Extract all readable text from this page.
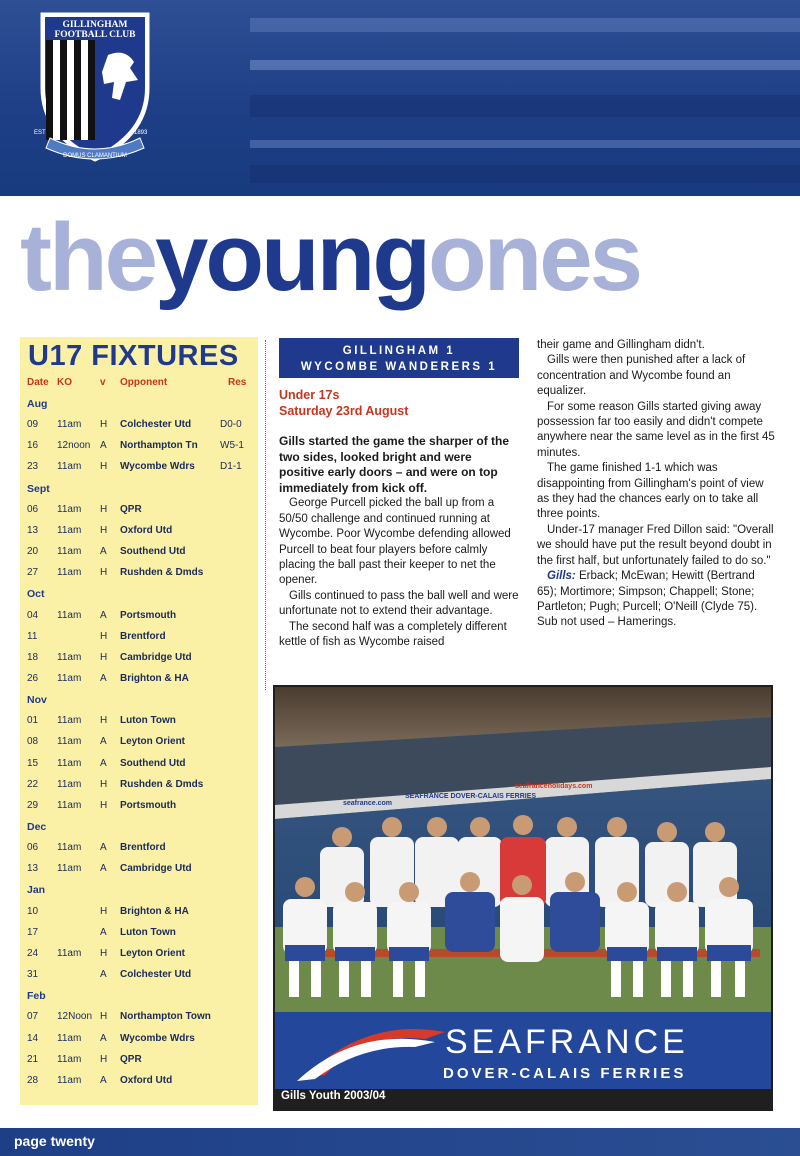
GILLINGHAM
FOOTBALL CLUB
EST	1893
DOMUS CLAMANTIUM
theyoungones
U17 FIXTURES
Date KO	v Opponent	Res
Aug
09 11am H Colchester Utd	D0-0
16 12noon A Northampton Tn W5-1
23 11am H Wycombe Wdrs	D1-1
Sept
06 11am H QPR
13 11am H Oxford Utd
20 11am A Southend Utd
27 11am H Rushden & Dmds
Oct
04 11am A Portsmouth
11	H Brentford
18 11am H Cambridge Utd
26 11am A Brighton & HA
Nov
01 11am H Luton Town
08 11am A Leyton Orient
15 11am A Southend Utd
22 11am H Rushden & Dmds
29 11am H Portsmouth
Dec
06 11am A Brentford
13 11am A Cambridge Utd
Jan
10	H Brighton & HA
17	A Luton Town
24 11am H Leyton Orient
31	A Colchester Utd
Feb
07 12Noon H Northampton Town
14 11am A Wycombe Wdrs
21 11am H QPR
28 11am A Oxford Utd
GILLINGHAM 1
WYCOMBE WANDERERS 1
Under 17s
Saturday 23rd August

Gills started the game the sharper of the two sides, looked bright and were positive early doors – and were on top immediately from kick off.

George Purcell picked the ball up from a 50/50 challenge and continued running at Wycombe. Poor Wycombe defending allowed Purcell to beat four players before calmly placing the ball past their keeper to net the opener.

Gills continued to pass the ball well and were unfortunate not to extend their advantage.

The second half was a completely different kettle of fish as Wycombe raised

their game and Gillingham didn't.

Gills were then punished after a lack of concentration and Wycombe found an equalizer.

For some reason Gills started giving away possession far too easily and didn't compete anywhere near the same level as in the first 45 minutes.

The game finished 1-1 which was disappointing from Gillingham's point of view as they had the chances early on to take all three points.

Under-17 manager Fred Dillon said: "Overall we should have put the result beyond doubt in the first half, but unfortunately failed to do so."

Gills: Erback; McEwan; Hewitt (Bertrand 65); Mortimore; Simpson; Chappell; Stone; Partleton; Pugh; Purcell; O'Neill (Clyde 75).

Sub not used – Hamerings.

seafrance.com
SEAFRANCE DOVER-CALAIS FERRIES
seafranceholidays.com
SEAFRANCE
DOVER-CALAIS FERRIES
Gills Youth 2003/04
page twenty
